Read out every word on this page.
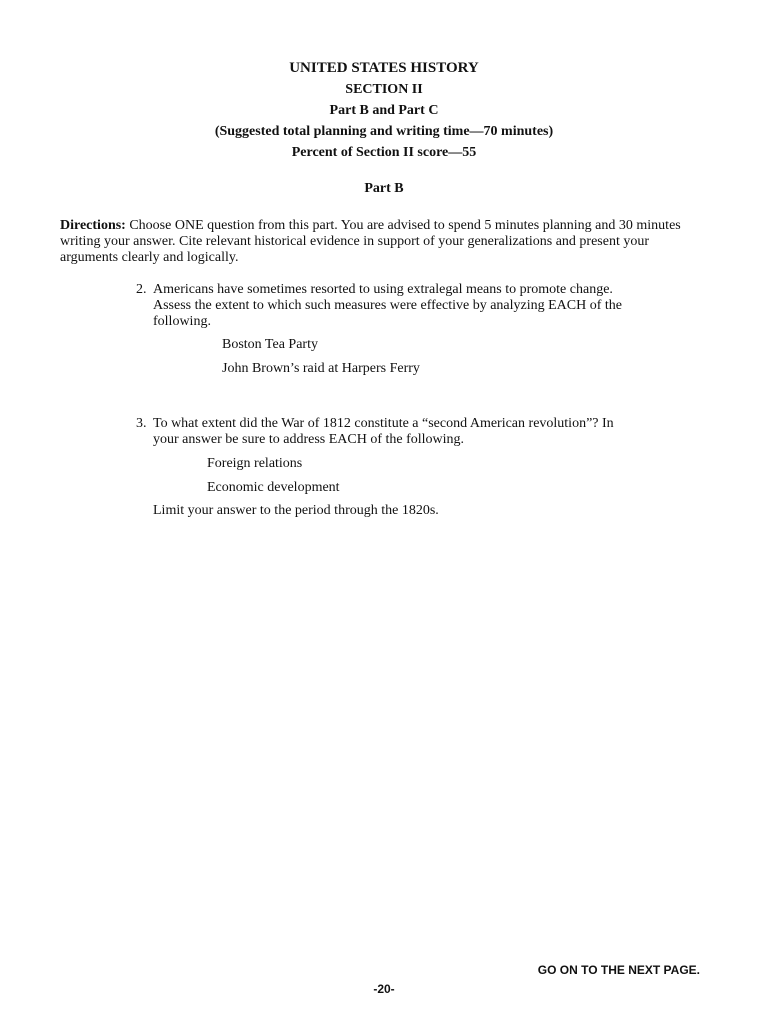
UNITED STATES HISTORY
SECTION II
Part B and Part C
(Suggested total planning and writing time—70 minutes)
Percent of Section II score—55
Part B
Directions: Choose ONE question from this part. You are advised to spend 5 minutes planning and 30 minutes writing your answer. Cite relevant historical evidence in support of your generalizations and present your arguments clearly and logically.
2. Americans have sometimes resorted to using extralegal means to promote change. Assess the extent to which such measures were effective by analyzing EACH of the following.
Boston Tea Party
John Brown’s raid at Harpers Ferry
3. To what extent did the War of 1812 constitute a “second American revolution”? In your answer be sure to address EACH of the following.
Foreign relations
Economic development
Limit your answer to the period through the 1820s.
GO ON TO THE NEXT PAGE.
-20-
